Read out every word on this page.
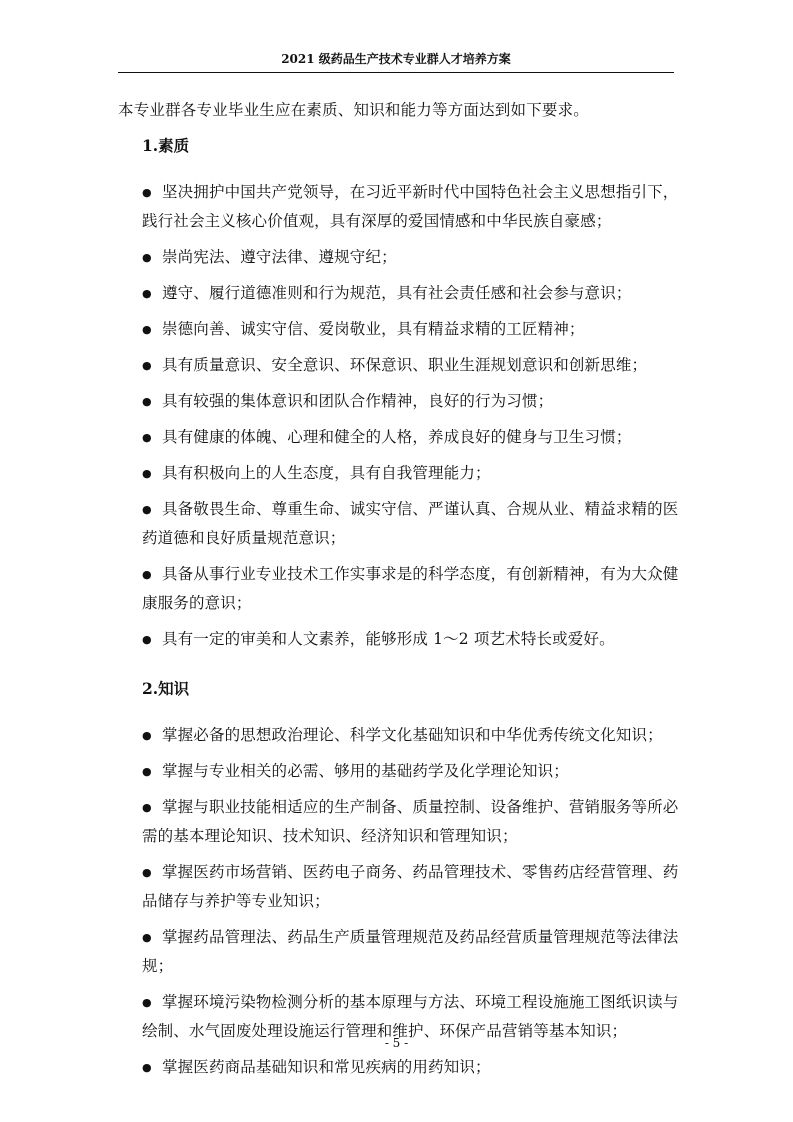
2021 级药品生产技术专业群人才培养方案

本专业群各专业毕业生应在素质、知识和能力等方面达到如下要求。

1.素质

● 坚决拥护中国共产党领导，在习近平新时代中国特色社会主义思想指引下，践行社会主义核心价值观，具有深厚的爱国情感和中华民族自豪感；
● 崇尚宪法、遵守法律、遵规守纪；
● 遵守、履行道德准则和行为规范，具有社会责任感和社会参与意识；
● 崇德向善、诚实守信、爱岗敬业，具有精益求精的工匠精神；
● 具有质量意识、安全意识、环保意识、职业生涯规划意识和创新思维；
● 具有较强的集体意识和团队合作精神，良好的行为习惯；
● 具有健康的体魄、心理和健全的人格，养成良好的健身与卫生习惯；
● 具有积极向上的人生态度，具有自我管理能力；
● 具备敬畏生命、尊重生命、诚实守信、严谨认真、合规从业、精益求精的医药道德和良好质量规范意识；
● 具备从事行业专业技术工作实事求是的科学态度，有创新精神，有为大众健康服务的意识；
● 具有一定的审美和人文素养，能够形成 1～2 项艺术特长或爱好。

2.知识

● 掌握必备的思想政治理论、科学文化基础知识和中华优秀传统文化知识；
● 掌握与专业相关的必需、够用的基础药学及化学理论知识；
● 掌握与职业技能相适应的生产制备、质量控制、设备维护、营销服务等所必需的基本理论知识、技术知识、经济知识和管理知识；
● 掌握医药市场营销、医药电子商务、药品管理技术、零售药店经营管理、药品储存与养护等专业知识；
● 掌握药品管理法、药品生产质量管理规范及药品经营质量管理规范等法律法规；
● 掌握环境污染物检测分析的基本原理与方法、环境工程设施施工图纸识读与绘制、水气固废处理设施运行管理和维护、环保产品营销等基本知识；
● 掌握医药商品基础知识和常见疾病的用药知识；
- 5 -
